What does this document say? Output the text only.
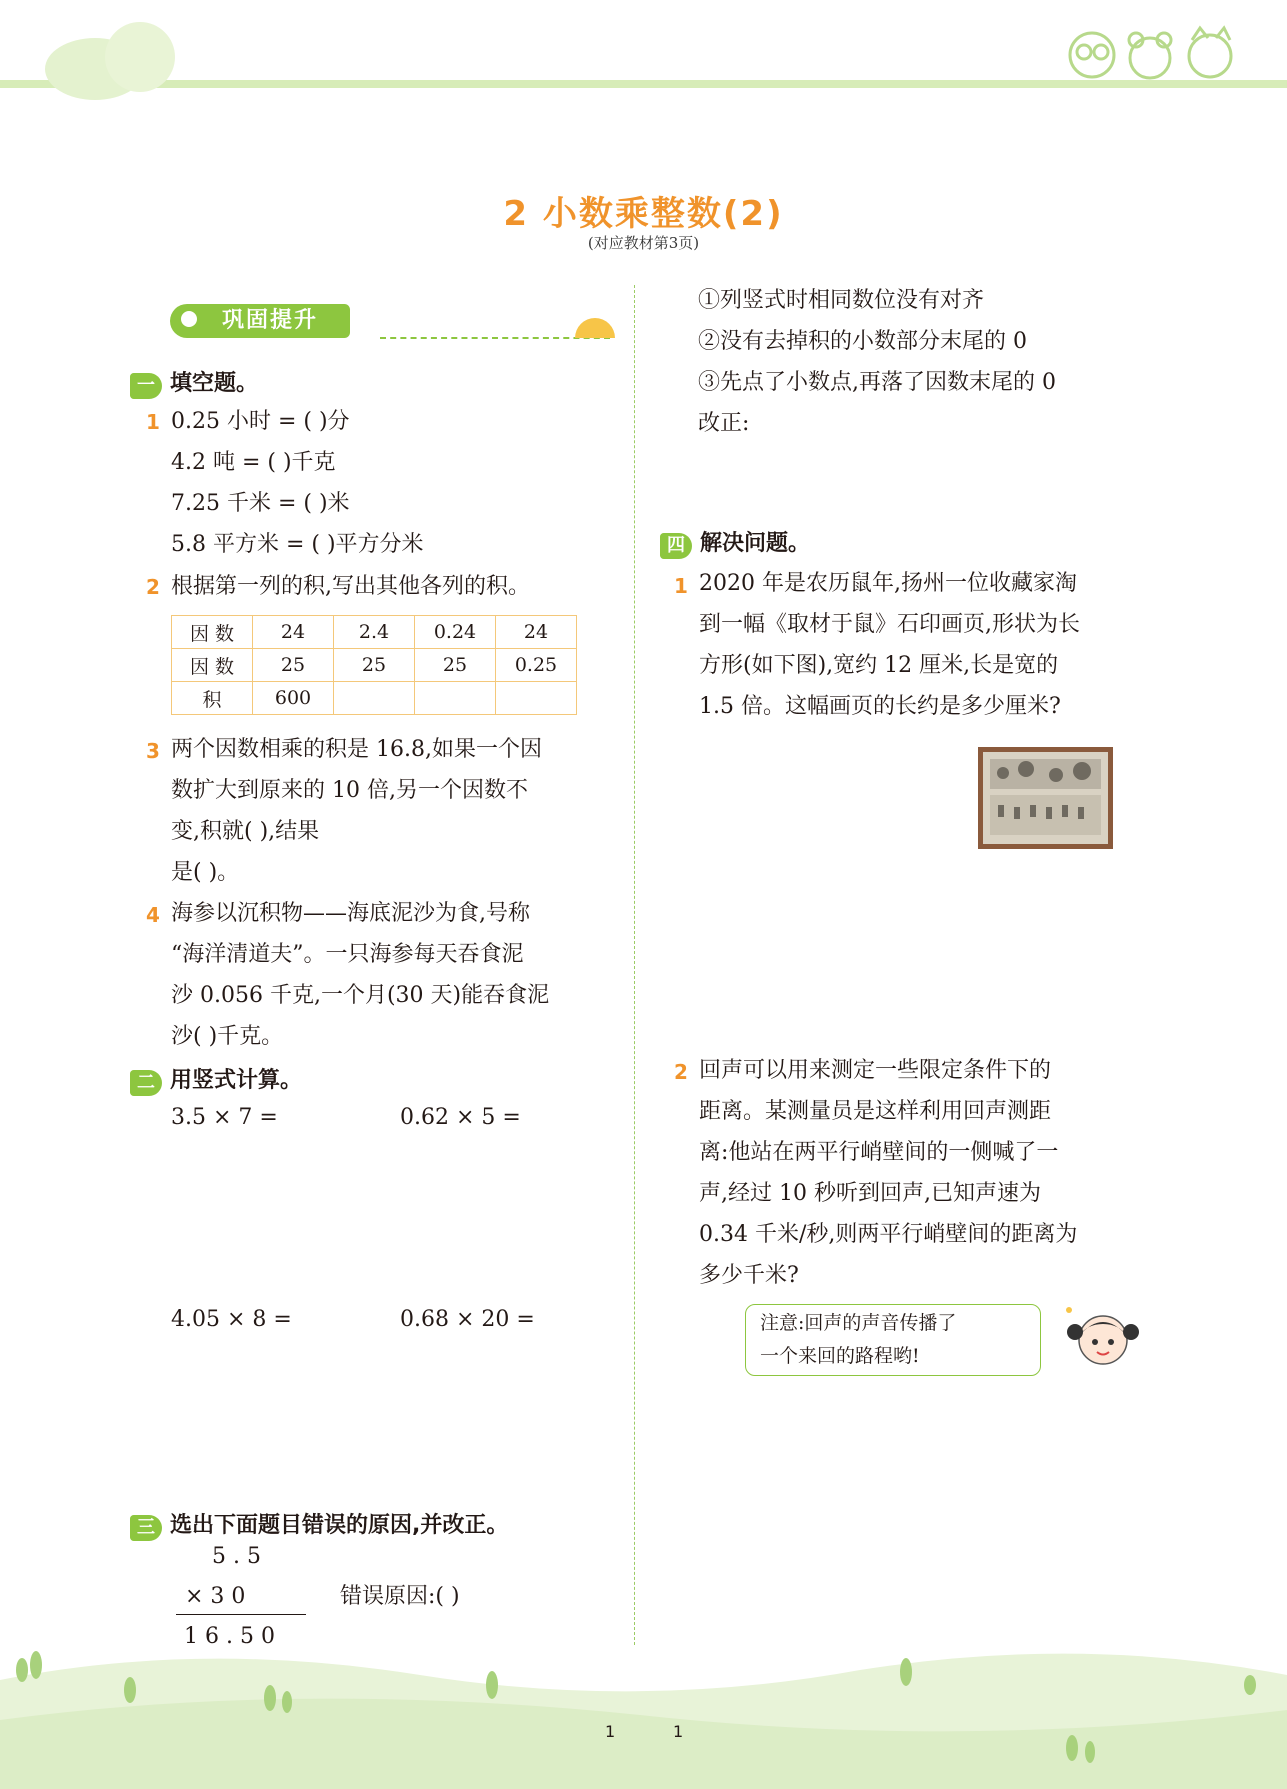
2 小数乘整数(2)
(对应教材第3页)
巩固提升
一 填空题。
1 0.25 小时 = ( )分
4.2 吨 = ( )千克
7.25 千米 = ( )米
5.8 平方米 = ( )平方分米
2 根据第一列的积,写出其他各列的积。
因 数	24	2.4	0.24	24
因 数	25	25	25	0.25
积	600			
3 两个因数相乘的积是 16.8,如果一个因
数扩大到原来的 10 倍,另一个因数不
变,积就( ),结果
是( )。
4 海参以沉积物——海底泥沙为食,号称
“海洋清道夫”。一只海参每天吞食泥
沙 0.056 千克,一个月(30 天)能吞食泥
沙( )千克。
二 用竖式计算。
3.5 × 7 =	0.62 × 5 =
4.05 × 8 =	0.68 × 20 =
三 选出下面题目错误的原因,并改正。
5 . 5
× 3 0
1 6 . 5 0
错误原因:( )
①列竖式时相同数位没有对齐
②没有去掉积的小数部分末尾的 0
③先点了小数点,再落了因数末尾的 0
改正:
四 解决问题。
1 2020 年是农历鼠年,扬州一位收藏家淘
到一幅《取材于鼠》石印画页,形状为长
方形(如下图),宽约 12 厘米,长是宽的
1.5 倍。这幅画页的长约是多少厘米?
2 回声可以用来测定一些限定条件下的
距离。某测量员是这样利用回声测距
离:他站在两平行峭壁间的一侧喊了一
声,经过 10 秒听到回声,已知声速为
0.34 千米/秒,则两平行峭壁间的距离为
多少千米?
注意:回声的声音传播了
一个来回的路程哟!
1	1
